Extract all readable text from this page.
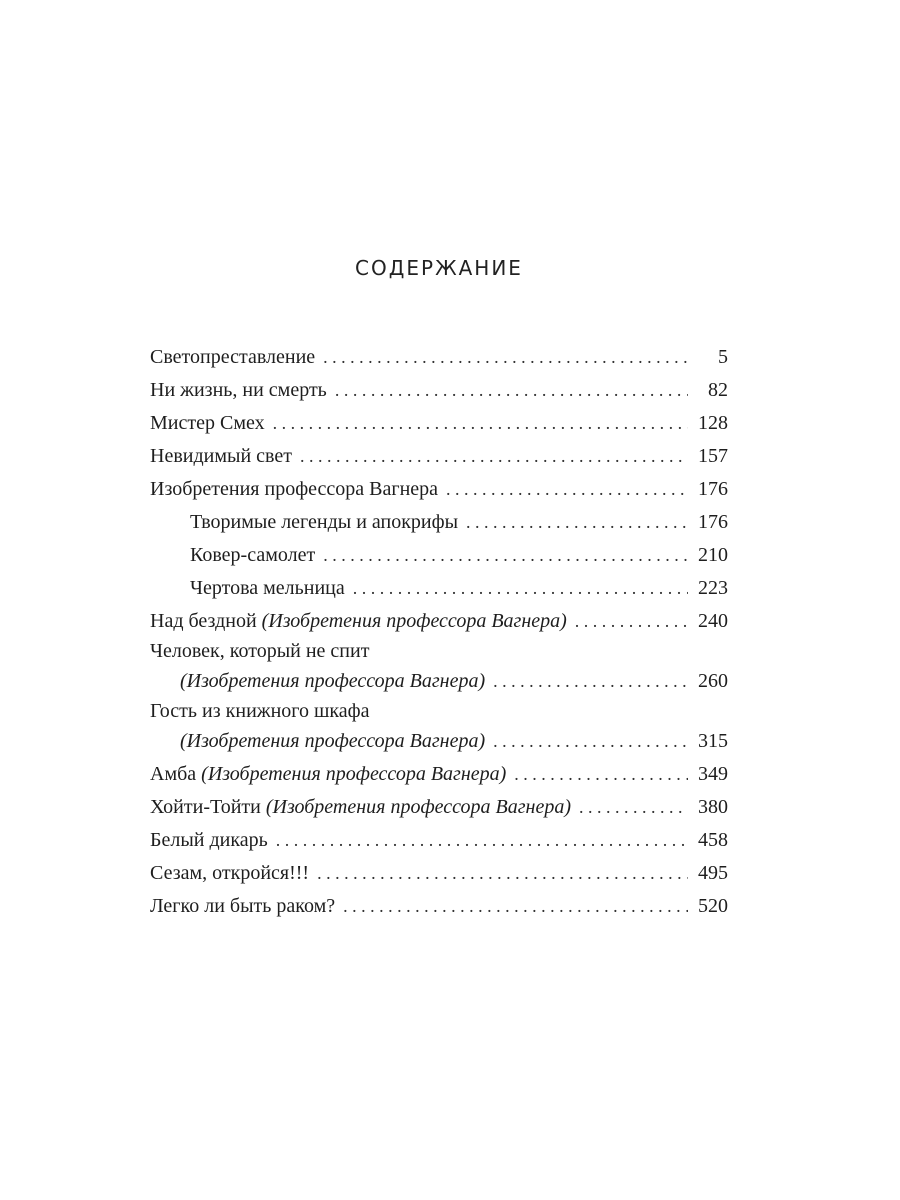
СОДЕРЖАНИЕ
Светопреставление . . .	5
Ни жизнь, ни смерть . . .	82
Мистер Смех . . .	128
Невидимый свет . . .	157
Изобретения профессора Вагнера . . .	176
Творимые легенды и апокрифы . . .	176
Ковер-самолет . . .	210
Чертова мельница . . .	223
Над бездной (Изобретения профессора Вагнера) . . .	240
Человек, который не спит
(Изобретения профессора Вагнера) . . .	260
Гость из книжного шкафа
(Изобретения профессора Вагнера) . . .	315
Амба (Изобретения профессора Вагнера) . . .	349
Хойти-Тойти (Изобретения профессора Вагнера) . . .	380
Белый дикарь . . .	458
Сезам, откройся!!! . . .	495
Легко ли быть раком? . . .	520
